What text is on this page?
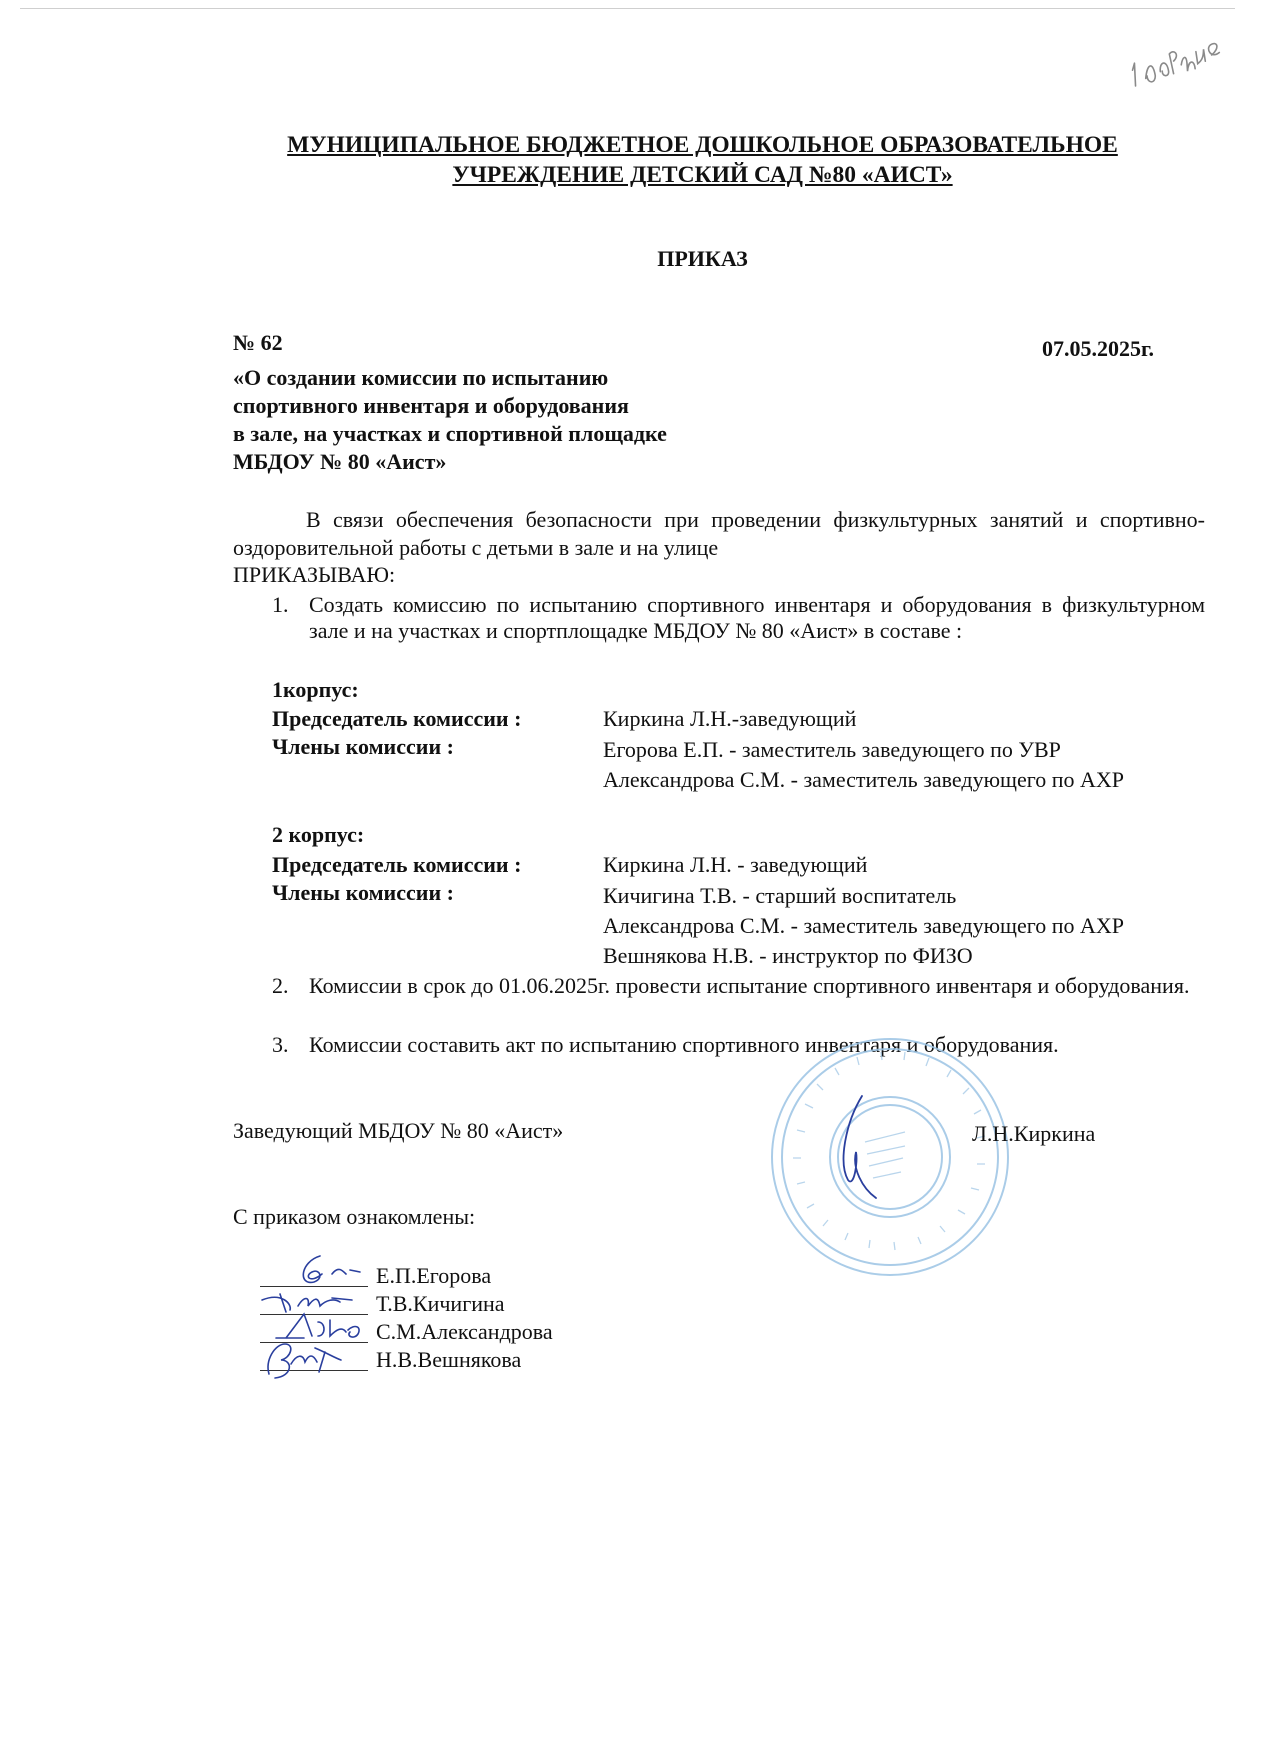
МУНИЦИПАЛЬНОЕ БЮДЖЕТНОЕ ДОШКОЛЬНОЕ ОБРАЗОВАТЕЛЬНОЕ
УЧРЕЖДЕНИЕ ДЕТСКИЙ САД №80 «АИСТ»
ПРИКАЗ
№ 62	07.05.2025г.
«О создании комиссии по испытанию
спортивного инвентаря и оборудования
в зале, на участках и спортивной площадке
МБДОУ № 80 «Аист»
В связи обеспечения безопасности при проведении физкультурных занятий и спортивно-оздоровительной работы с детьми в зале и на улице
ПРИКАЗЫВАЮ:
1. Создать комиссию по испытанию спортивного инвентаря и оборудования в физкультурном зале и на участках и спортплощадке МБДОУ № 80 «Аист» в составе :
1корпус:
Председатель комиссии :	Киркина Л.Н.-заведующий
Члены комиссии :	Егорова Е.П. - заместитель заведующего по УВР
Александрова С.М. - заместитель заведующего по АХР
2 корпус:
Председатель комиссии :	Киркина Л.Н. - заведующий
Члены комиссии :	Кичигина Т.В. - старший воспитатель
Александрова С.М. - заместитель заведующего по АХР
Вешнякова Н.В. - инструктор по ФИЗО
2. Комиссии в срок до 01.06.2025г. провести испытание спортивного инвентаря и оборудования.
3. Комиссии составить акт по испытанию спортивного инвентаря и оборудования.
Заведующий МБДОУ № 80 «Аист»	Л.Н.Киркина
С приказом ознакомлены:
Е.П.Егорова
Т.В.Кичигина
С.М.Александрова
Н.В.Вешнякова
